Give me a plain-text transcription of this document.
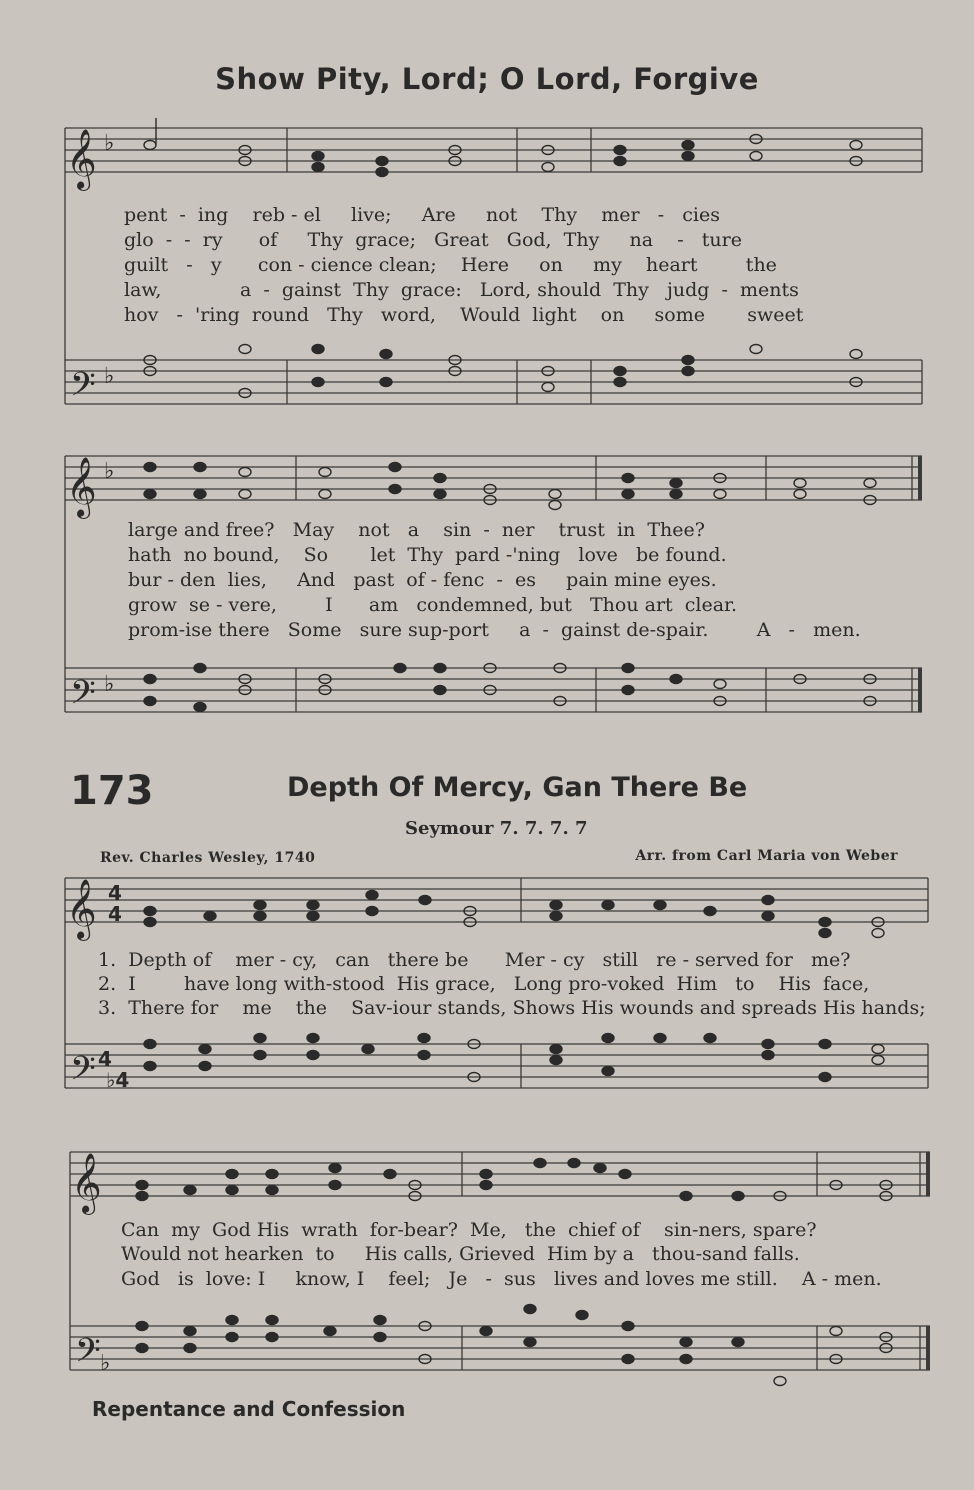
Show Pity, Lord; O Lord, Forgive
𝄞
𝄢
♭
♭
𝄞
𝄢
♭
♭
𝄞
𝄢
4
4
4
♭4
𝄞
𝄢 ♭
pent  -  ing    reb - el     live;     Are     not    Thy    mer   -   cies
glo  -  -  ry      of     Thy  grace;   Great   God,  Thy     na    -   ture
guilt   -   y      con - cience clean;    Here     on     my    heart        the
law,             a  -  gainst  Thy  grace:   Lord, should  Thy   judg  -  ments
hov   -  'ring  round   Thy   word,    Would  light    on     some       sweet
large and free?   May    not   a    sin  -  ner    trust  in  Thee?
hath  no bound,    So       let  Thy  pard -'ning   love   be found.
bur - den  lies,     And   past  of - fenc  -  es     pain mine eyes.
grow  se - vere,        I      am   condemned, but   Thou art  clear.
prom-ise there   Some   sure sup-port     a  -  gainst de-spair.        A   -   men.
173	Depth Of Mercy, Gan There Be
Seymour 7. 7. 7. 7
Rev. Charles Wesley, 1740	Arr. from Carl Maria von Weber
1.  Depth of    mer - cy,   can   there be      Mer - cy   still   re - served for   me?
2.  I        have long with-stood  His grace,   Long pro-voked  Him   to    His  face,
3.  There for    me    the    Sav-iour stands, Shows His wounds and spreads His hands;
Can  my  God His  wrath  for-bear?  Me,   the  chief of    sin-ners, spare?
Would not hearken  to     His calls, Grieved  Him by a   thou-sand falls.
God   is  love: I     know, I    feel;   Je   -  sus   lives and loves me still.    A - men.
Repentance and Confession
